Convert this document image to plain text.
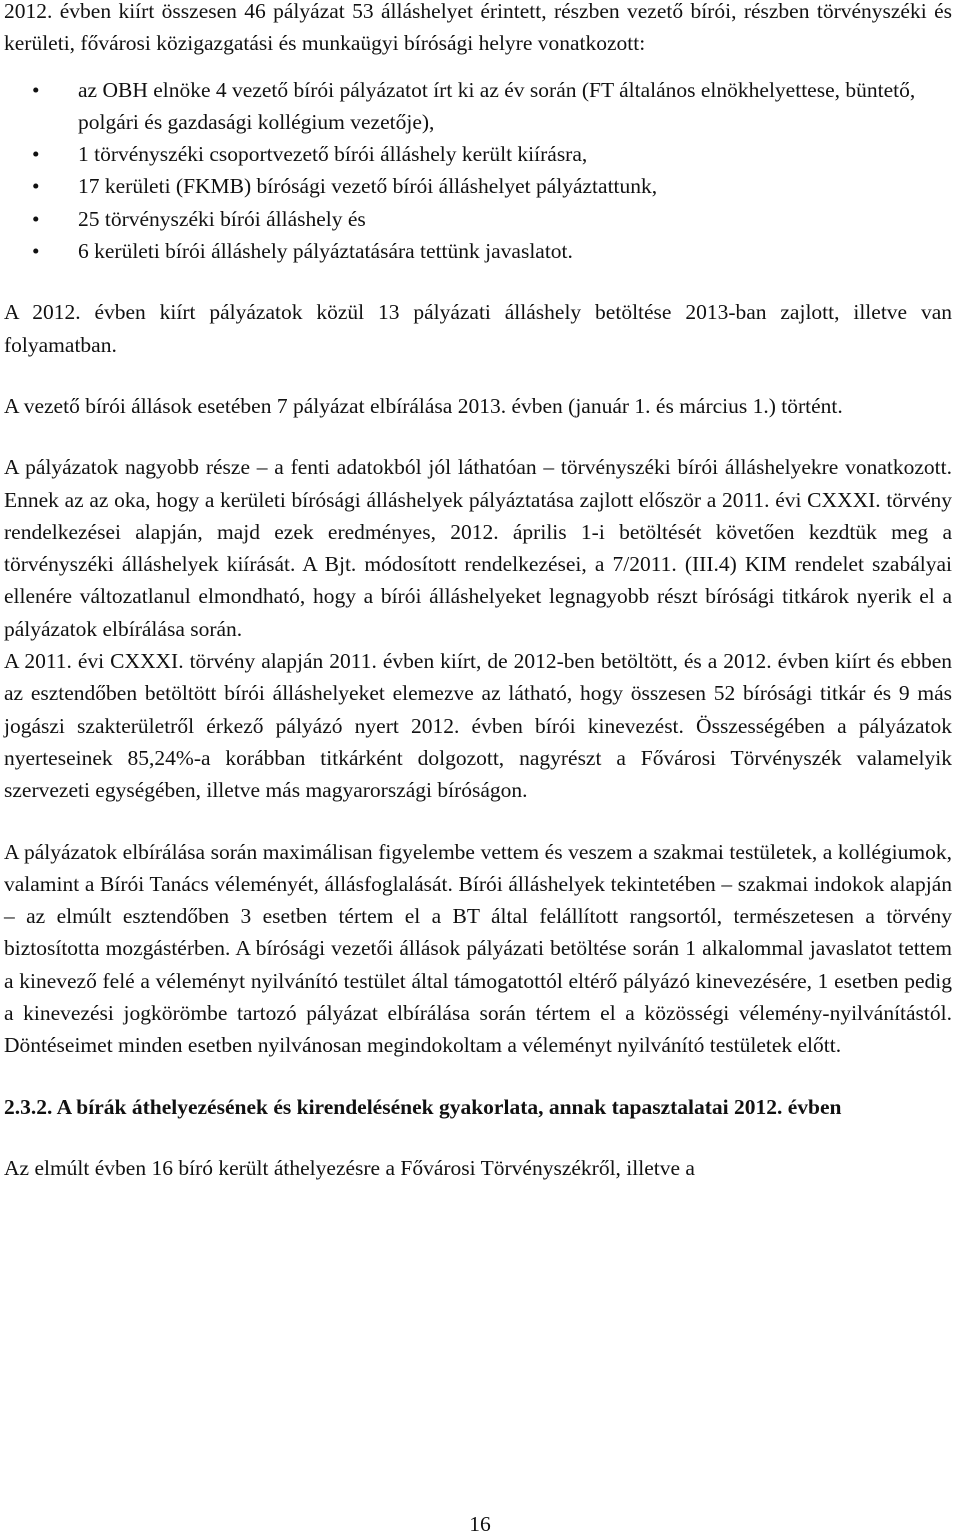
2012. évben kiírt összesen 46 pályázat 53 álláshelyet érintett, részben vezető bírói, részben törvényszéki és kerületi, fővárosi közigazgatási és munkaügyi bírósági helyre vonatkozott:

• az OBH elnöke 4 vezető bírói pályázatot írt ki az év során (FT általános elnökhelyettese, büntető, polgári és gazdasági kollégium vezetője),
• 1 törvényszéki csoportvezető bírói álláshely került kiírásra,
• 17 kerületi (FKMB) bírósági vezető bírói álláshelyet pályáztattunk,
• 25 törvényszéki bírói álláshely és
• 6 kerületi bírói álláshely pályáztatására tettünk javaslatot.

A 2012. évben kiírt pályázatok közül 13 pályázati álláshely betöltése 2013-ban zajlott, illetve van folyamatban.

A vezető bírói állások esetében 7 pályázat elbírálása 2013. évben (január 1. és március 1.) történt.

A pályázatok nagyobb része – a fenti adatokból jól láthatóan – törvényszéki bírói álláshelyekre vonatkozott. Ennek az az oka, hogy a kerületi bírósági álláshelyek pályáztatása zajlott először a 2011. évi CXXXI. törvény rendelkezései alapján, majd ezek eredményes, 2012. április 1-i betöltését követően kezdtük meg a törvényszéki álláshelyek kiírását. A Bjt. módosított rendelkezései, a 7/2011. (III.4) KIM rendelet szabályai ellenére változatlanul elmondható, hogy a bírói álláshelyeket legnagyobb részt bírósági titkárok nyerik el a pályázatok elbírálása során.

A 2011. évi CXXXI. törvény alapján 2011. évben kiírt, de 2012-ben betöltött, és a 2012. évben kiírt és ebben az esztendőben betöltött bírói álláshelyeket elemezve az látható, hogy összesen 52 bírósági titkár és 9 más jogászi szakterületről érkező pályázó nyert 2012. évben bírói kinevezést. Összességében a pályázatok nyerteseinek 85,24%-a korábban titkárként dolgozott, nagyrészt a Fővárosi Törvényszék valamelyik szervezeti egységében, illetve más magyarországi bíróságon.

A pályázatok elbírálása során maximálisan figyelembe vettem és veszem a szakmai testületek, a kollégiumok, valamint a Bírói Tanács véleményét, állásfoglalását. Bírói álláshelyek tekintetében – szakmai indokok alapján – az elmúlt esztendőben 3 esetben tértem el a BT által felállított rangsortól, természetesen a törvény biztosította mozgástérben. A bírósági vezetői állások pályázati betöltése során 1 alkalommal javaslatot tettem a kinevező felé a véleményt nyilvánító testület által támogatottól eltérő pályázó kinevezésére, 1 esetben pedig a kinevezési jogkörömbe tartozó pályázat elbírálása során tértem el a közösségi vélemény-nyilvánítástól. Döntéseimet minden esetben nyilvánosan megindokoltam a véleményt nyilvánító testületek előtt.

2.3.2. A bírák áthelyezésének és kirendelésének gyakorlata, annak tapasztalatai 2012. évben

Az elmúlt évben 16 bíró került áthelyezésre a Fővárosi Törvényszékről, illetve a

16
